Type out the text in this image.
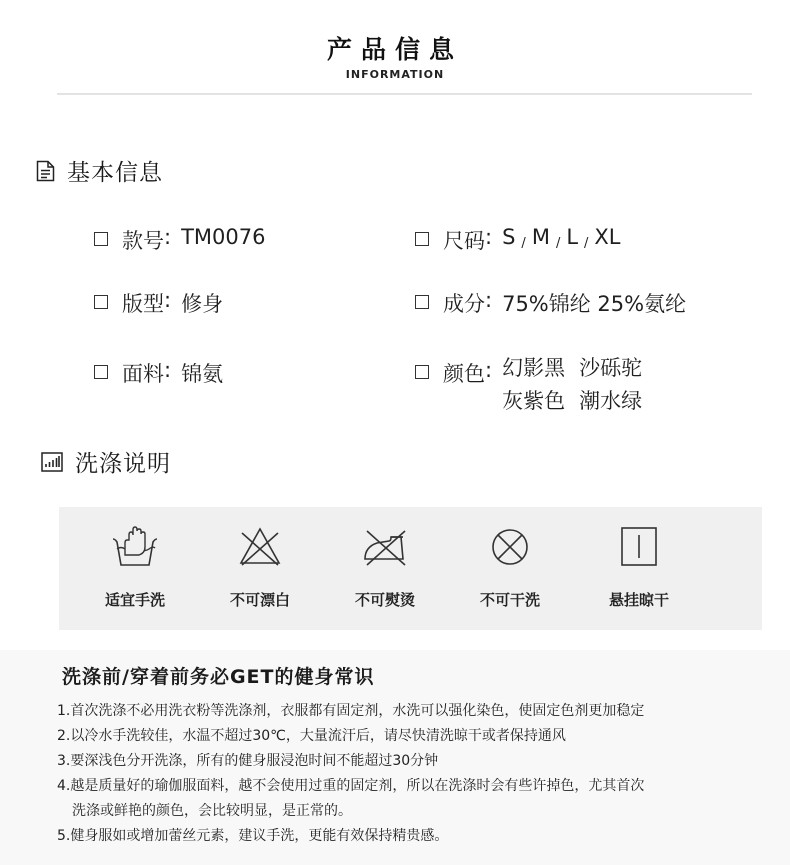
产品信息
INFORMATION
基本信息
款号 : TM0076	尺码 : S / M / L / XL
版型 : 修身	成分 : 75%锦纶 25%氨纶
面料 : 锦氨	颜色 : 幻影黑 沙砾驼
灰紫色 潮水绿
洗涤说明
适宜手洗	不可漂白	不可熨烫	不可干洗	悬挂晾干
洗涤前/穿着前务必GET的健身常识
1.首次洗涤不必用洗衣粉等洗涤剂，衣服都有固定剂，水洗可以强化染色，使固定色剂更加稳定
2.以冷水手洗较佳，水温不超过30℃，大量流汗后，请尽快清洗晾干或者保持通风
3.要深浅色分开洗涤，所有的健身服浸泡时间不能超过30分钟
4.越是质量好的瑜伽服面料，越不会使用过重的固定剂，所以在洗涤时会有些许掉色，尤其首次
洗涤或鲜艳的颜色，会比较明显，是正常的。
5.健身服如或增加蕾丝元素，建议手洗，更能有效保持精贵感。
